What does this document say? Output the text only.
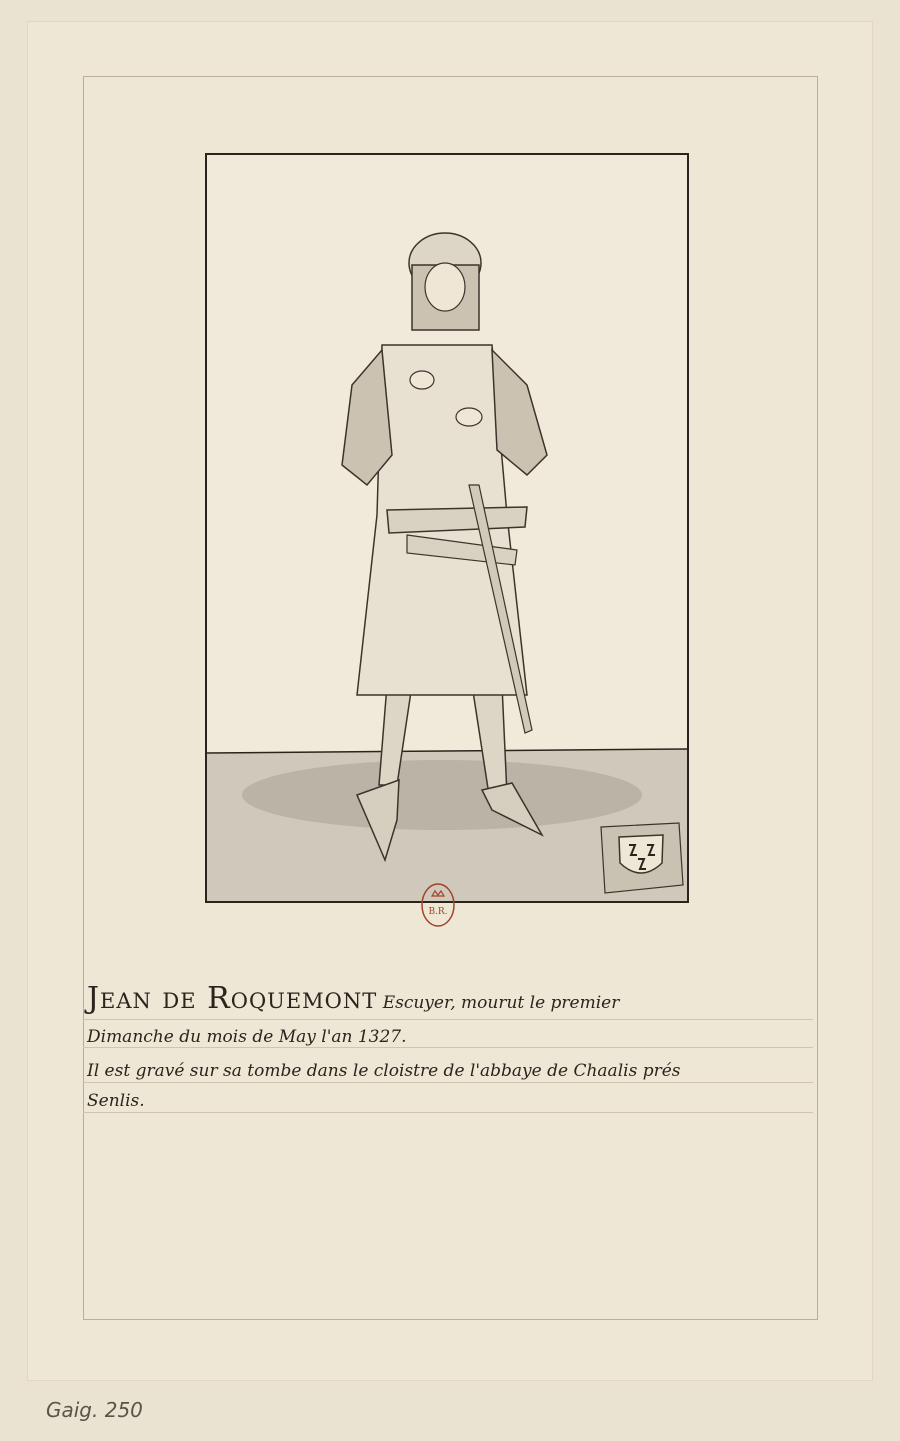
B.R.
Jean de Roquemont Escuyer, mourut le premier
Dimanche du mois de May l'an 1327.
Il est gravé sur sa tombe dans le cloistre de l'abbaye de Chaalis prés
Senlis.
Gaig. 250
